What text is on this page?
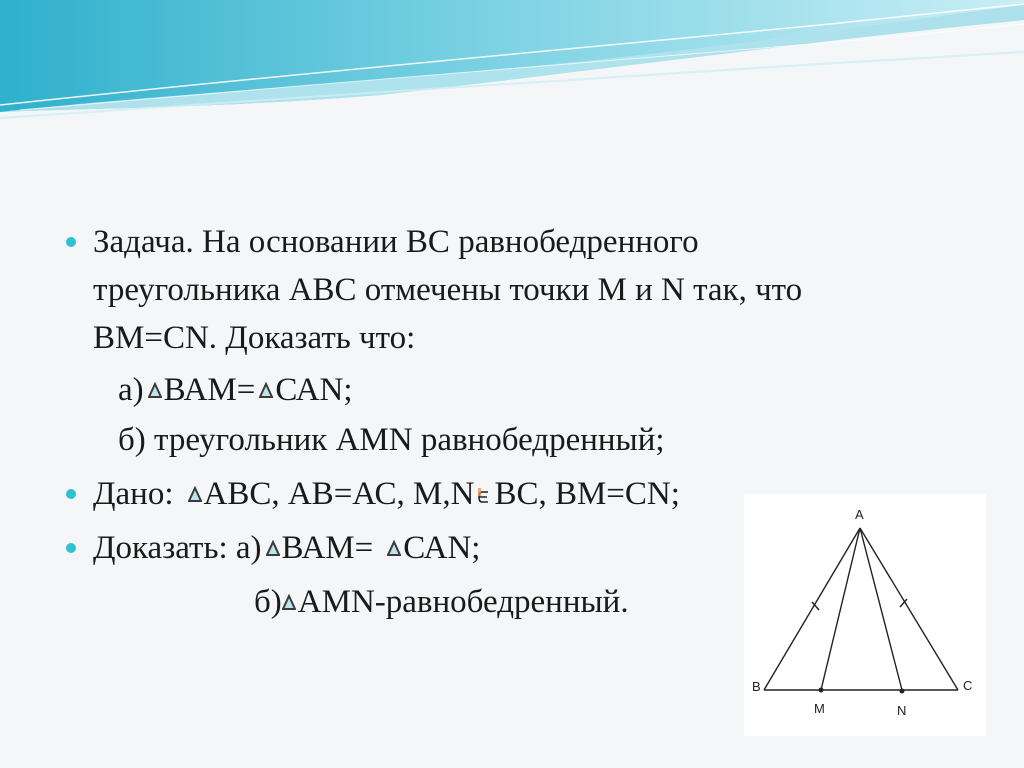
Задача. На основании ВС равнобедренного
треугольника АВС отмечены точки М и N так, что
ВМ=СN. Доказать что:
а) ВАМ= САN;
б) треугольник АMN равнобедренный;
Дано: АВС, АВ=АС, М,N ВС, ВМ=СN;
Доказать: а) ВАМ= САN;
б) АMN-равнобедренный.
A
B	C
M	N
